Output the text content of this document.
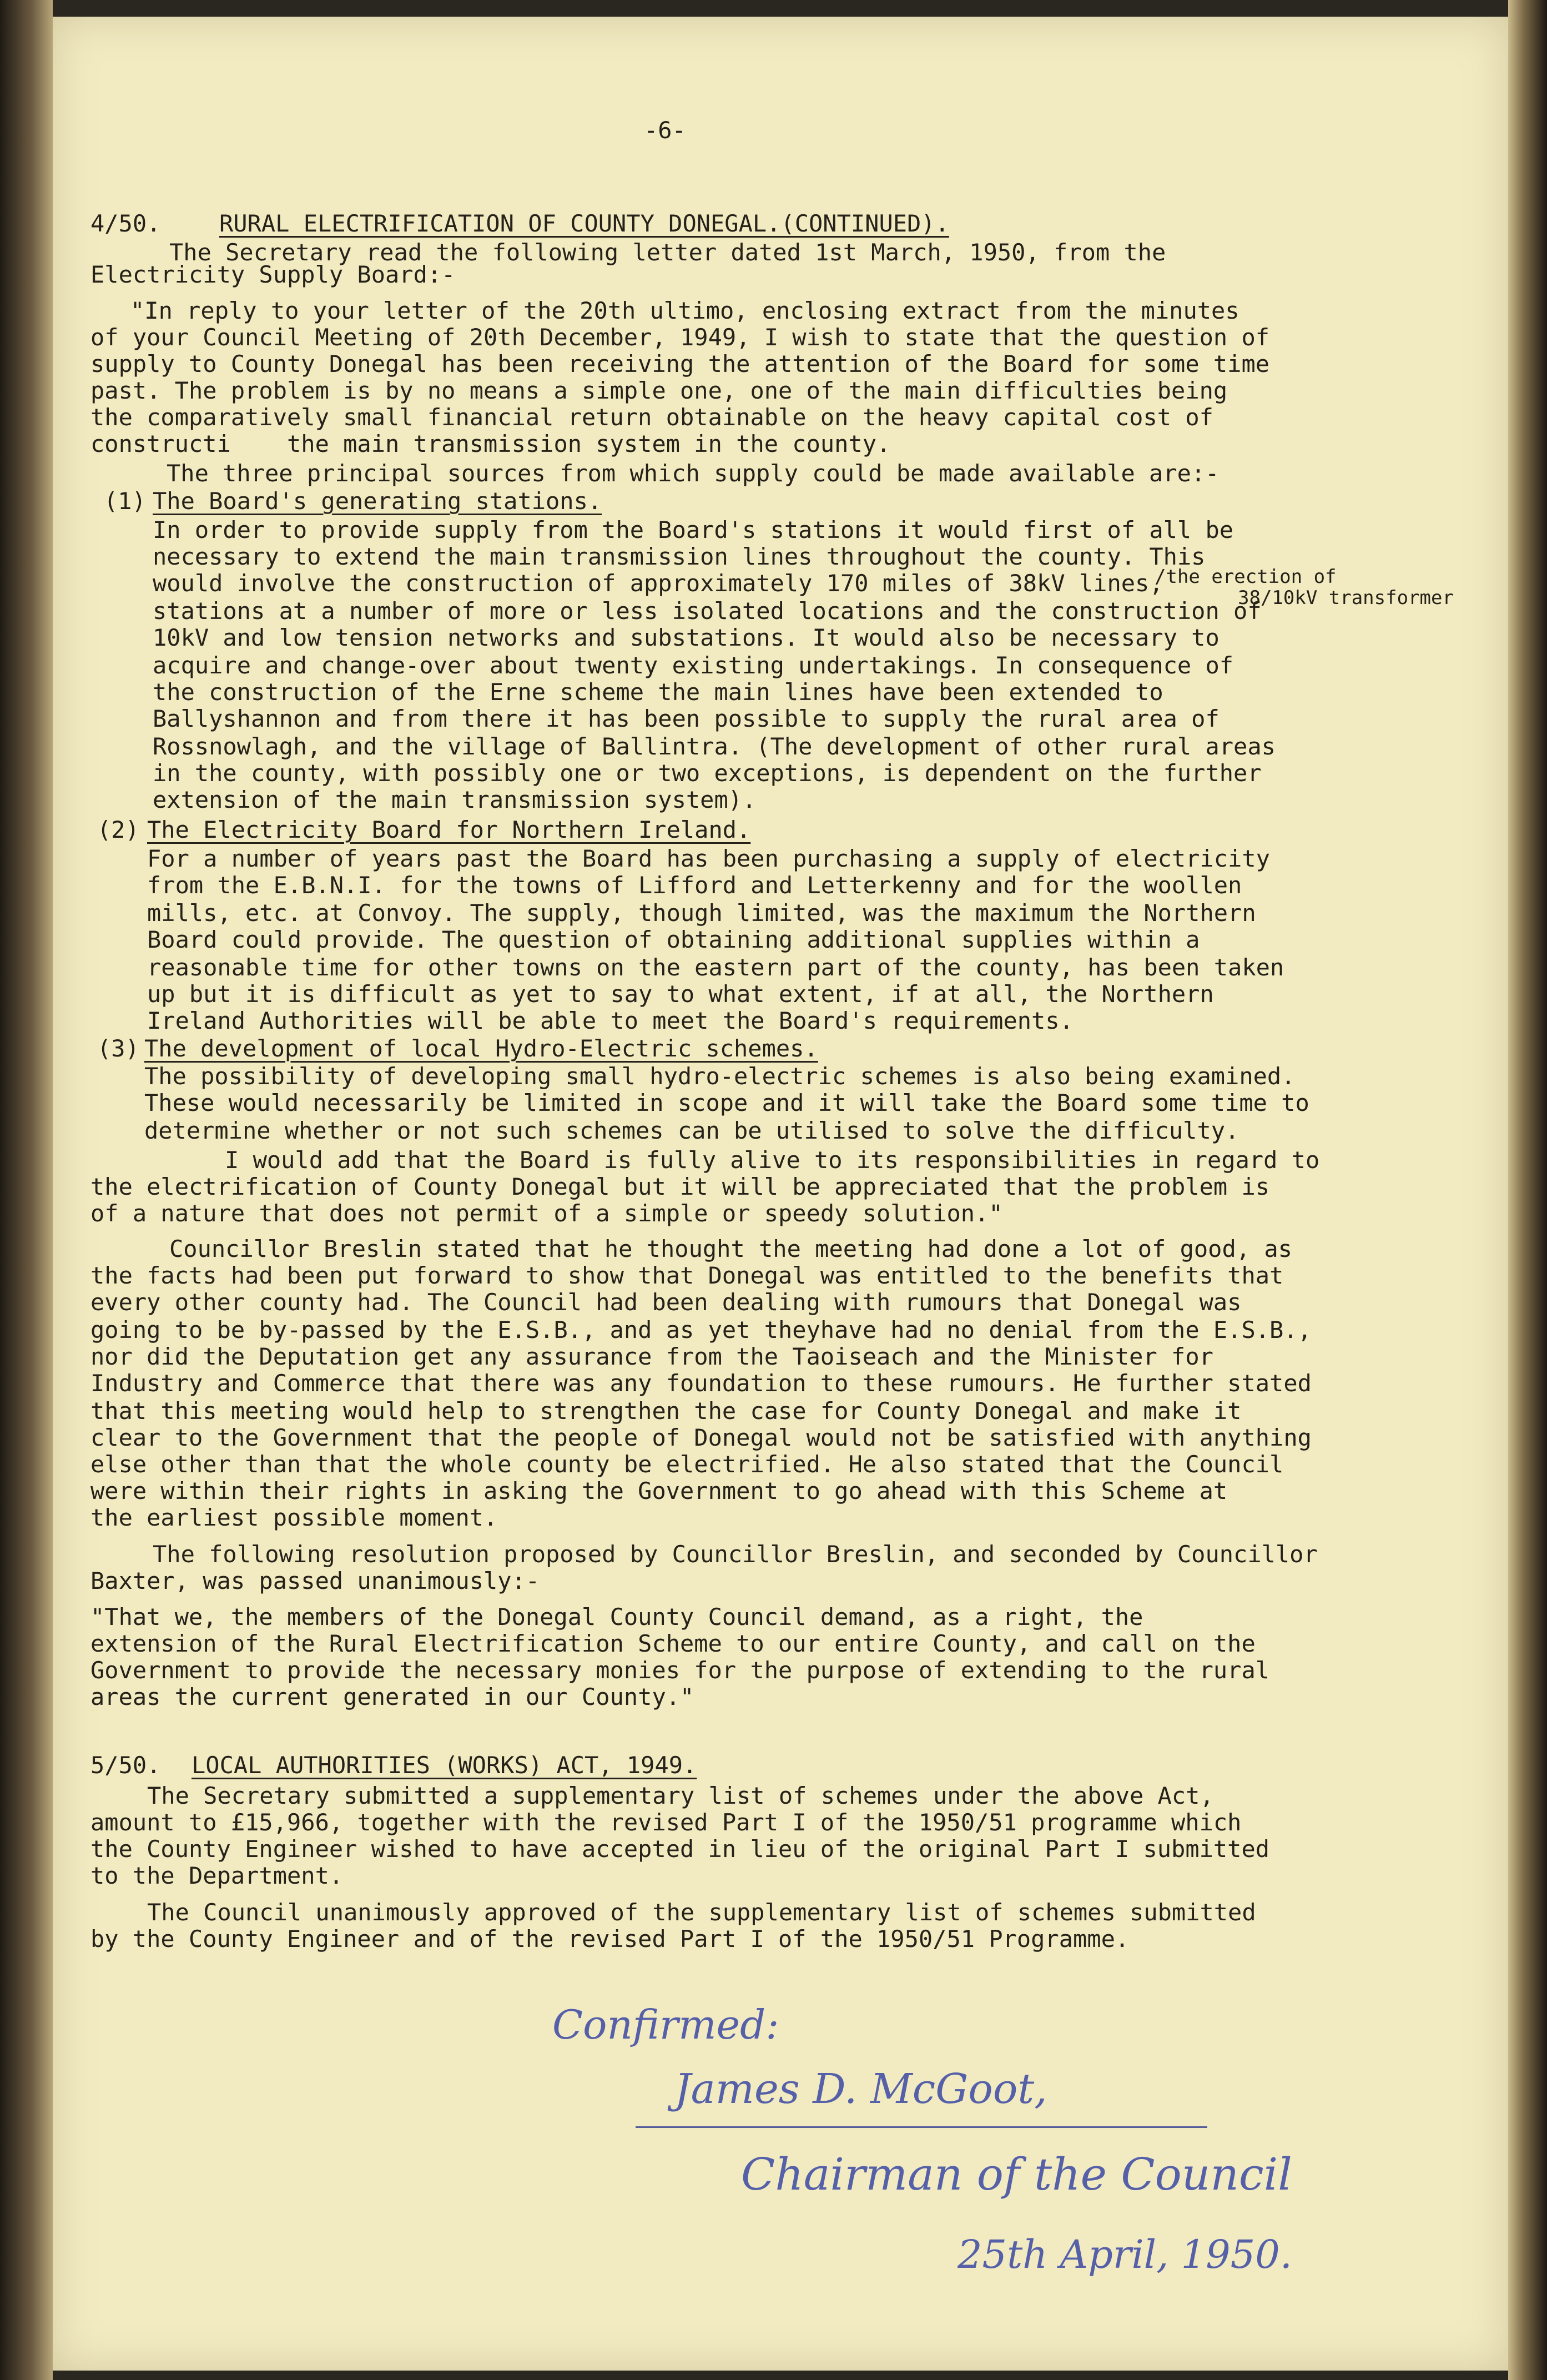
-6-
4/50.	RURAL ELECTRIFICATION OF COUNTY DONEGAL.(CONTINUED).
The Secretary read the following letter dated 1st March, 1950, from the
Electricity Supply Board:-
"In reply to your letter of the 20th ultimo, enclosing extract from the minutes
of your Council Meeting of 20th December, 1949, I wish to state that the question of
supply to County Donegal has been receiving the attention of the Board for some time
past. The problem is by no means a simple one, one of the main difficulties being
the comparatively small financial return obtainable on the heavy capital cost of
constructi    the main transmission system in the county.
The three principal sources from which supply could be made available are:-
(1) The Board's generating stations.
In order to provide supply from the Board's stations it would first of all be
necessary to extend the main transmission lines throughout the county. This
would involve the construction of approximately 170 miles of 38kV lines,
/the erection of
38/10kV transformer
stations at a number of more or less isolated locations and the construction of
10kV and low tension networks and substations. It would also be necessary to
acquire and change-over about twenty existing undertakings. In consequence of
the construction of the Erne scheme the main lines have been extended to
Ballyshannon and from there it has been possible to supply the rural area of
Rossnowlagh, and the village of Ballintra. (The development of other rural areas
in the county, with possibly one or two exceptions, is dependent on the further
extension of the main transmission system).
(2) The Electricity Board for Northern Ireland.
For a number of years past the Board has been purchasing a supply of electricity
from the E.B.N.I. for the towns of Lifford and Letterkenny and for the woollen
mills, etc. at Convoy. The supply, though limited, was the maximum the Northern
Board could provide. The question of obtaining additional supplies within a
reasonable time for other towns on the eastern part of the county, has been taken
up but it is difficult as yet to say to what extent, if at all, the Northern
Ireland Authorities will be able to meet the Board's requirements.
(3) The development of local Hydro-Electric schemes.
The possibility of developing small hydro-electric schemes is also being examined.
These would necessarily be limited in scope and it will take the Board some time to
determine whether or not such schemes can be utilised to solve the difficulty.
I would add that the Board is fully alive to its responsibilities in regard to
the electrification of County Donegal but it will be appreciated that the problem is
of a nature that does not permit of a simple or speedy solution."
Councillor Breslin stated that he thought the meeting had done a lot of good, as
the facts had been put forward to show that Donegal was entitled to the benefits that
every other county had. The Council had been dealing with rumours that Donegal was
going to be by-passed by the E.S.B., and as yet theyhave had no denial from the E.S.B.,
nor did the Deputation get any assurance from the Taoiseach and the Minister for
Industry and Commerce that there was any foundation to these rumours. He further stated
that this meeting would help to strengthen the case for County Donegal and make it
clear to the Government that the people of Donegal would not be satisfied with anything
else other than that the whole county be electrified. He also stated that the Council
were within their rights in asking the Government to go ahead with this Scheme at
the earliest possible moment.
The following resolution proposed by Councillor Breslin, and seconded by Councillor
Baxter, was passed unanimously:-
"That we, the members of the Donegal County Council demand, as a right, the
extension of the Rural Electrification Scheme to our entire County, and call on the
Government to provide the necessary monies for the purpose of extending to the rural
areas the current generated in our County."
5/50. LOCAL AUTHORITIES (WORKS) ACT, 1949.
The Secretary submitted a supplementary list of schemes under the above Act,
amount to £15,966, together with the revised Part I of the 1950/51 programme which
the County Engineer wished to have accepted in lieu of the original Part I submitted
to the Department.
The Council unanimously approved of the supplementary list of schemes submitted
by the County Engineer and of the revised Part I of the 1950/51 Programme.
Confirmed:
James D. McGoot,
Chairman of the Council
25th April, 1950.
